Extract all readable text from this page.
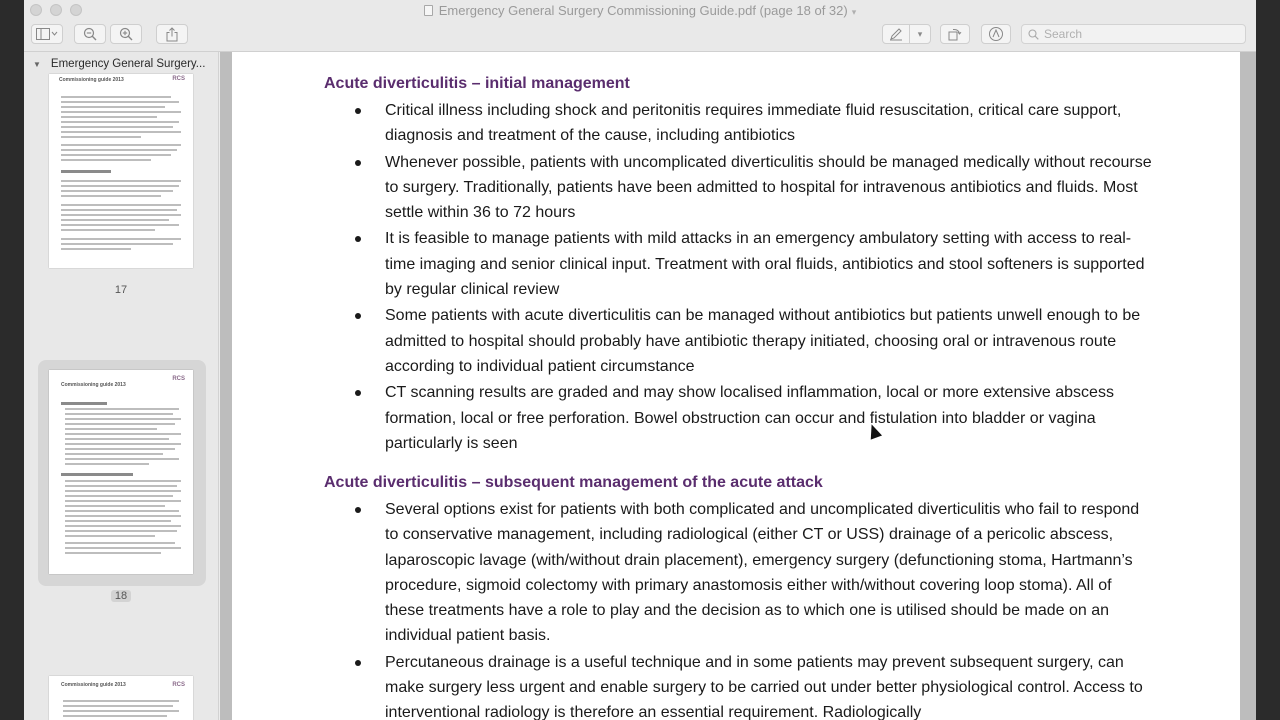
Emergency General Surgery Commissioning Guide.pdf (page 18 of 32) ▾
▾
Search
▼ Emergency General Surgery...
Commissioning guide 2013	RCS
17
Commissioning guide 2013
RCS
18
Commissioning guide 2013	RCS
Acute diverticulitis – initial management
Critical illness including shock and peritonitis requires immediate fluid resuscitation, critical care support, diagnosis and treatment of the cause, including antibiotics
Whenever possible, patients with uncomplicated diverticulitis should be managed medically without recourse to surgery. Traditionally, patients have been admitted to hospital for intravenous antibiotics and fluids. Most settle within 36 to 72 hours
It is feasible to manage patients with mild attacks in an emergency ambulatory setting with access to real-time imaging and senior clinical input. Treatment with oral fluids, antibiotics and stool softeners is supported by regular clinical review
Some patients with acute diverticulitis can be managed without antibiotics but patients unwell enough to be admitted to hospital should probably have antibiotic therapy initiated, choosing oral or intravenous route according to individual patient circumstance
CT scanning results are graded and may show localised inflammation, local or more extensive abscess formation, local or free perforation. Bowel obstruction can occur and fistulation into bladder or vagina particularly is seen
Acute diverticulitis – subsequent management of the acute attack
Several options exist for patients with both complicated and uncomplicated diverticulitis who fail to respond to conservative management, including radiological (either CT or USS) drainage of a pericolic abscess, laparoscopic lavage (with/without drain placement), emergency surgery (defunctioning stoma, Hartmann’s procedure, sigmoid colectomy with primary anastomosis either with/without covering loop stoma). All of these treatments have a role to play and the decision as to which one is utilised should be made on an individual patient basis.
Percutaneous drainage is a useful technique and in some patients may prevent subsequent surgery, can make surgery less urgent and enable surgery to be carried out under better physiological control. Access to interventional radiology is therefore an essential requirement. Radiologically
